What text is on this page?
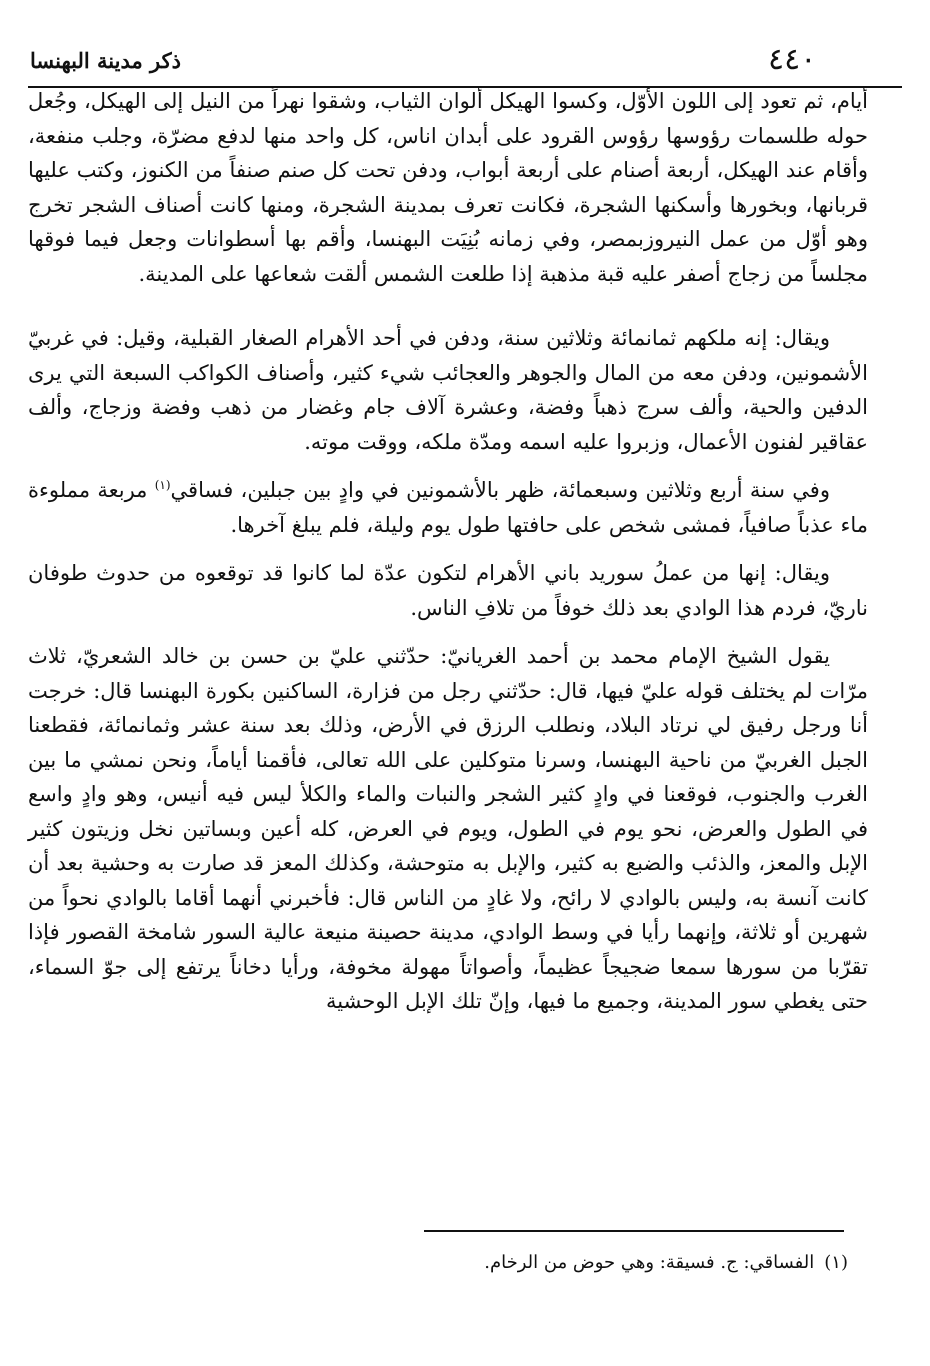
٤٤٠
ذكر مدينة البهنسا

أيام، ثم تعود إلى اللون الأوّل، وكسوا الهيكل ألوان الثياب، وشقوا نهراً من النيل إلى الهيكل، وجُعل حوله طلسمات رؤوسها رؤوس القرود على أبدان اناس، كل واحد منها لدفع مضرّة، وجلب منفعة، وأقام عند الهيكل، أربعة أصنام على أربعة أبواب، ودفن تحت كل صنم صنفاً من الكنوز، وكتب عليها قربانها، وبخورها وأسكنها الشجرة، فكانت تعرف بمدينة الشجرة، ومنها كانت أصناف الشجر تخرج وهو أوّل من عمل النيروزبمصر، وفي زمانه بُنِيَت البهنسا، وأقم بها أسطوانات وجعل فيما فوقها مجلساً من زجاج أصفر عليه قبة مذهبة إذا طلعت الشمس ألقت شعاعها على المدينة.

ويقال: إنه ملكهم ثمانمائة وثلاثين سنة، ودفن في أحد الأهرام الصغار القبلية، وقيل: في غربيّ الأشمونين، ودفن معه من المال والجوهر والعجائب شيء كثير، وأصناف الكواكب السبعة التي يرى الدفين والحية، وألف سرج ذهباً وفضة، وعشرة آلاف جام وغضار من ذهب وفضة وزجاج، وألف عقاقير لفنون الأعمال، وزبروا عليه اسمه ومدّة ملكه، ووقت موته.

وفي سنة أربع وثلاثين وسبعمائة، ظهر بالأشمونين في وادٍ بين جبلين، فساقي$^{(١)}$ مربعة مملوءة ماء عذباً صافياً، فمشى شخص على حافتها طول يوم وليلة، فلم يبلغ آخرها.

ويقال: إنها من عملُ سوريد باني الأهرام لتكون عدّة لما كانوا قد توقعوه من حدوث طوفان ناريّ، فردم هذا الوادي بعد ذلك خوفاً من تلافِ الناس.

يقول الشيخ الإمام محمد بن أحمد الغريانيّ: حدّثني عليّ بن حسن بن خالد الشعريّ، ثلاث مرّات لم يختلف قوله عليّ فيها، قال: حدّثني رجل من فزارة، الساكنين بكورة البهنسا قال: خرجت أنا ورجل رفيق لي نرتاد البلاد، ونطلب الرزق في الأرض، وذلك بعد سنة عشر وثمانمائة، فقطعنا الجبل الغربيّ من ناحية البهنسا، وسرنا متوكلين على الله تعالى، فأقمنا أياماً، ونحن نمشي ما بين الغرب والجنوب، فوقعنا في وادٍ كثير الشجر والنبات والماء والكلأ ليس فيه أنيس، وهو وادٍ واسع في الطول والعرض، نحو يوم في الطول، ويوم في العرض، كله أعين وبساتين نخل وزيتون كثير الإبل والمعز، والذئب والضبع به كثير، والإبل به متوحشة، وكذلك المعز قد صارت به وحشية بعد أن كانت آنسة به، وليس بالوادي لا رائح، ولا غادٍ من الناس قال: فأخبرني أنهما أقاما بالوادي نحواً من شهرين أو ثلاثة، وإنهما رأيا في وسط الوادي، مدينة حصينة منيعة عالية السور شامخة القصور فإذا تقرّبا من سورها سمعا ضجيجاً عظيماً، وأصواتاً مهولة مخوفة، ورأيا دخاناً يرتفع إلى جوّ السماء، حتى يغطي سور المدينة، وجميع ما فيها، وإنّ تلك الإبل الوحشية

(١)الفساقي: ج. فسيقة: وهي حوض من الرخام.
